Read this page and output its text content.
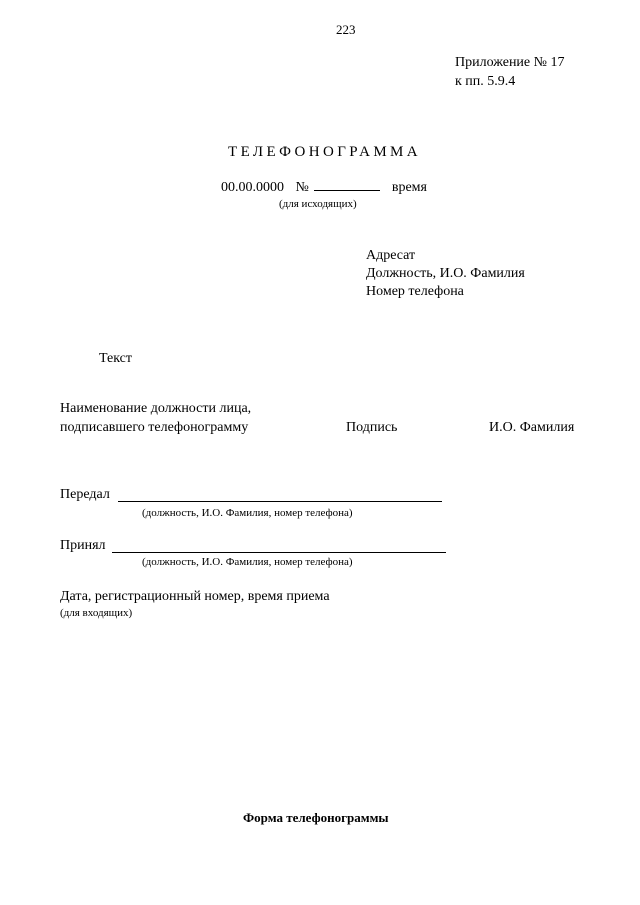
223
Приложение № 17
к пп. 5.9.4
ТЕЛЕФОНОГРАММА
00.00.0000 №	время
(для исходящих)
Адресат
Должность, И.О. Фамилия
Номер телефона
Текст
Наименование должности лица,
подписавшего телефонограмму	Подпись	И.О. Фамилия
Передал
(должность, И.О. Фамилия, номер телефона)
Принял
(должность, И.О. Фамилия, номер телефона)
Дата, регистрационный номер, время приема
(для входящих)
Форма телефонограммы
